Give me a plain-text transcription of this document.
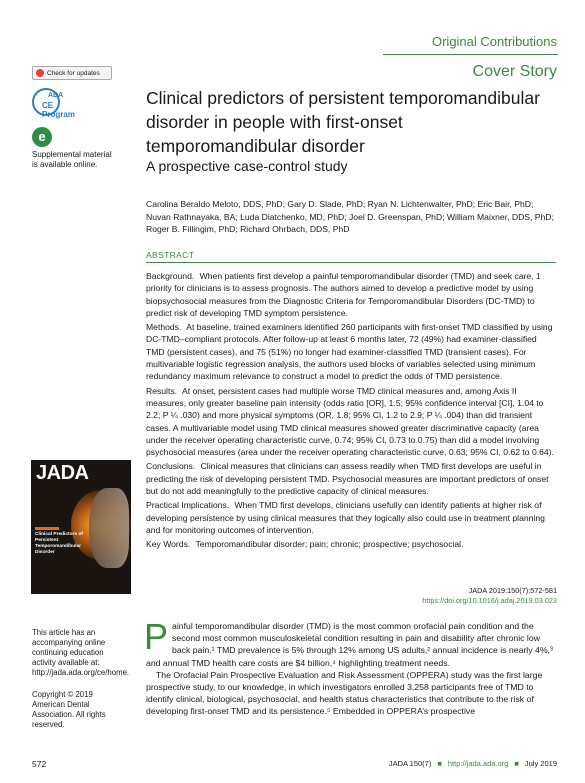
Original Contributions
Cover Story
Check for updates
ADA
CE
Program
e
Supplemental material is available online.
Clinical predictors of persistent temporomandibular disorder in people with first-onset temporomandibular disorder
A prospective case-control study
Carolina Beraldo Meloto, DDS, PhD; Gary D. Slade, PhD; Ryan N. Lichtenwalter, PhD; Eric Bair, PhD; Nuvan Rathnayaka, BA; Luda Diatchenko, MD, PhD; Joel D. Greenspan, PhD; William Maixner, DDS, PhD; Roger B. Fillingim, PhD; Richard Ohrbach, DDS, PhD
ABSTRACT

Background. When patients first develop a painful temporomandibular disorder (TMD) and seek care, 1 priority for clinicians is to assess prognosis. The authors aimed to develop a predictive model by using biopsychosocial measures from the Diagnostic Criteria for Temporomandibular Disorders (DC-TMD) to predict risk of developing TMD symptom persistence.

Methods. At baseline, trained examiners identified 260 participants with first-onset TMD classified by using DC-TMD–compliant protocols. After follow-up at least 6 months later, 72 (49%) had examiner-classified TMD (persistent cases), and 75 (51%) no longer had examiner-classified TMD (transient cases). For multivariable logistic regression analysis, the authors used blocks of variables selected using minimum redundancy maximum relevance to construct a model to predict the odds of TMD persistence.

Results. At onset, persistent cases had multiple worse TMD clinical measures and, among Axis II measures, only greater baseline pain intensity (odds ratio [OR], 1.5; 95% confidence interval [CI], 1.04 to 2.2; P ¼ .030) and more physical symptoms (OR, 1.8; 95% CI, 1.2 to 2.9; P ¼ .004) than did transient cases. A multivariable model using TMD clinical measures showed greater discriminative capacity (area under the receiver operating characteristic curve, 0.74; 95% CI, 0.73 to 0.75) than did a model involving psychosocial measures (area under the receiver operating characteristic curve, 0.63; 95% CI, 0.62 to 0.64).

Conclusions. Clinical measures that clinicians can assess readily when TMD first develops are useful in predicting the risk of developing persistent TMD. Psychosocial measures are important predictors of onset but do not add meaningfully to the predictive capacity of clinical measures.

Practical Implications. When TMD first develops, clinicians usefully can identify patients at higher risk of developing persistence by using clinical measures that they logically also could use in treatment planning and for monitoring outcomes of intervention.

Key Words. Temporomandibular disorder; pain; chronic; prospective; psychosocial.

JADA 2019:150(7):572-581
https://doi.org/10.1016/j.adaj.2019.03.023
JADA
Clinical Predictors of Persistent Temporomandibular Disorder
This article has an accompanying online continuing education activity available at: http://jada.ada.org/ce/home.
Copyright © 2019 American Dental Association. All rights reserved.

Painful temporomandibular disorder (TMD) is the most common orofacial pain condition and the second most common musculoskeletal condition resulting in pain and disability after chronic low back pain.¹ TMD prevalence is 5% through 12% among US adults,² annual incidence is nearly 4%,³ and annual TMD health care costs are $4 billion,⁴ highlighting treatment needs.

The Orofacial Pain Prospective Evaluation and Risk Assessment (OPPERA) study was the first large prospective study, to our knowledge, in which investigators enrolled 3,258 participants free of TMD to identify clinical, biological, psychosocial, and health status characteristics that contribute to the risk of developing first-onset TMD and its persistence.⁵ Embedded in OPPERA’s prospective

572	JADA 150(7) ■ http://jada.ada.org ■ July 2019
